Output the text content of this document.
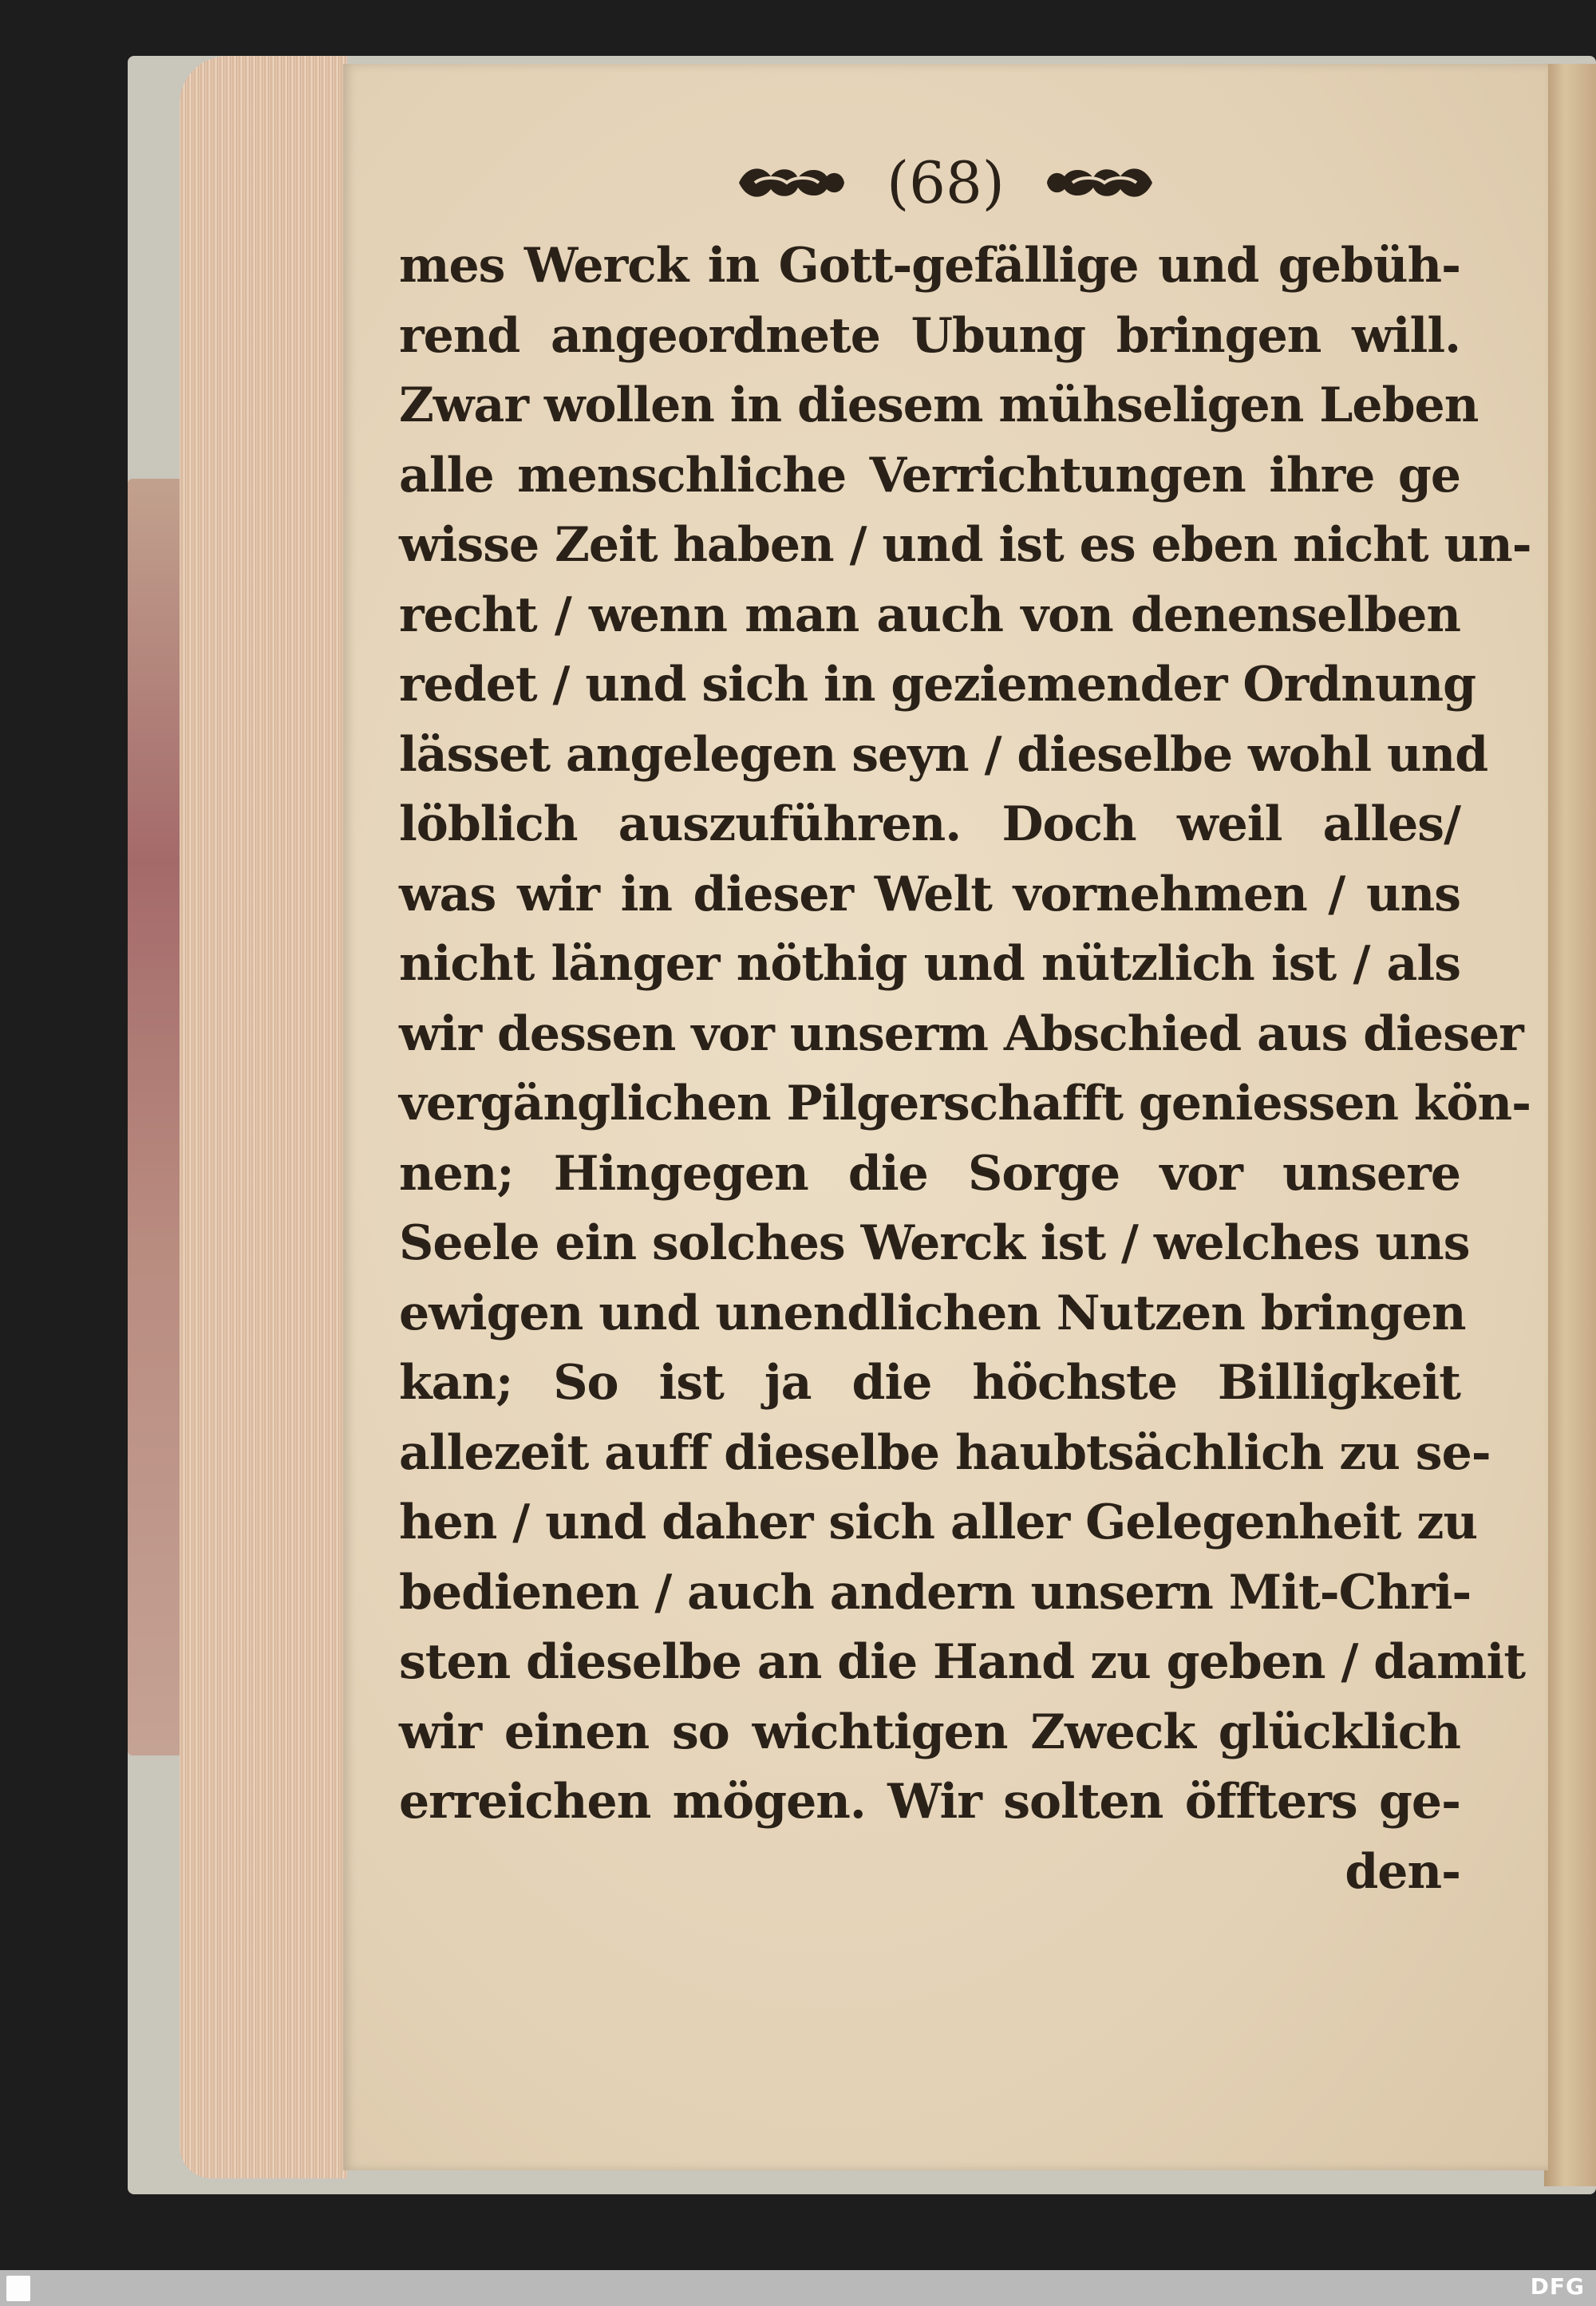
(68)
mes Werck in Gott-gefällige und gebüh-
rend angeordnete Ubung bringen will.
Zwar wollen in diesem mühseligen Leben
alle menschliche Verrichtungen ihre ge
wisse Zeit haben / und ist es eben nicht un-
recht / wenn man auch von denenselben
redet / und sich in geziemender Ordnung
lässet angelegen seyn / dieselbe wohl und
löblich auszuführen. Doch weil alles/
was wir in dieser Welt vornehmen / uns
nicht länger nöthig und nützlich ist / als
wir dessen vor unserm Abschied aus dieser
vergänglichen Pilgerschafft geniessen kön-
nen; Hingegen die Sorge vor unsere
Seele ein solches Werck ist / welches uns
ewigen und unendlichen Nutzen bringen
kan; So ist ja die höchste Billigkeit
allezeit auff dieselbe haubtsächlich zu se-
hen / und daher sich aller Gelegenheit zu
bedienen / auch andern unsern Mit-Chri-
sten dieselbe an die Hand zu geben / damit
wir einen so wichtigen Zweck glücklich
erreichen mögen. Wir solten öffters ge-
den-
DFG
